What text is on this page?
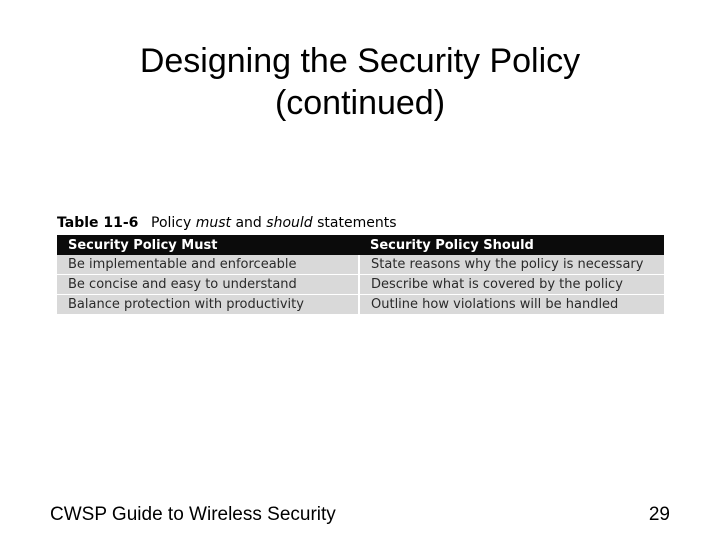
Designing the Security Policy
(continued)
Table 11-6 Policy must and should statements
Security Policy Must	Security Policy Should
Be implementable and enforceable	State reasons why the policy is necessary
Be concise and easy to understand	Describe what is covered by the policy
Balance protection with productivity	Outline how violations will be handled
CWSP Guide to Wireless Security	29
